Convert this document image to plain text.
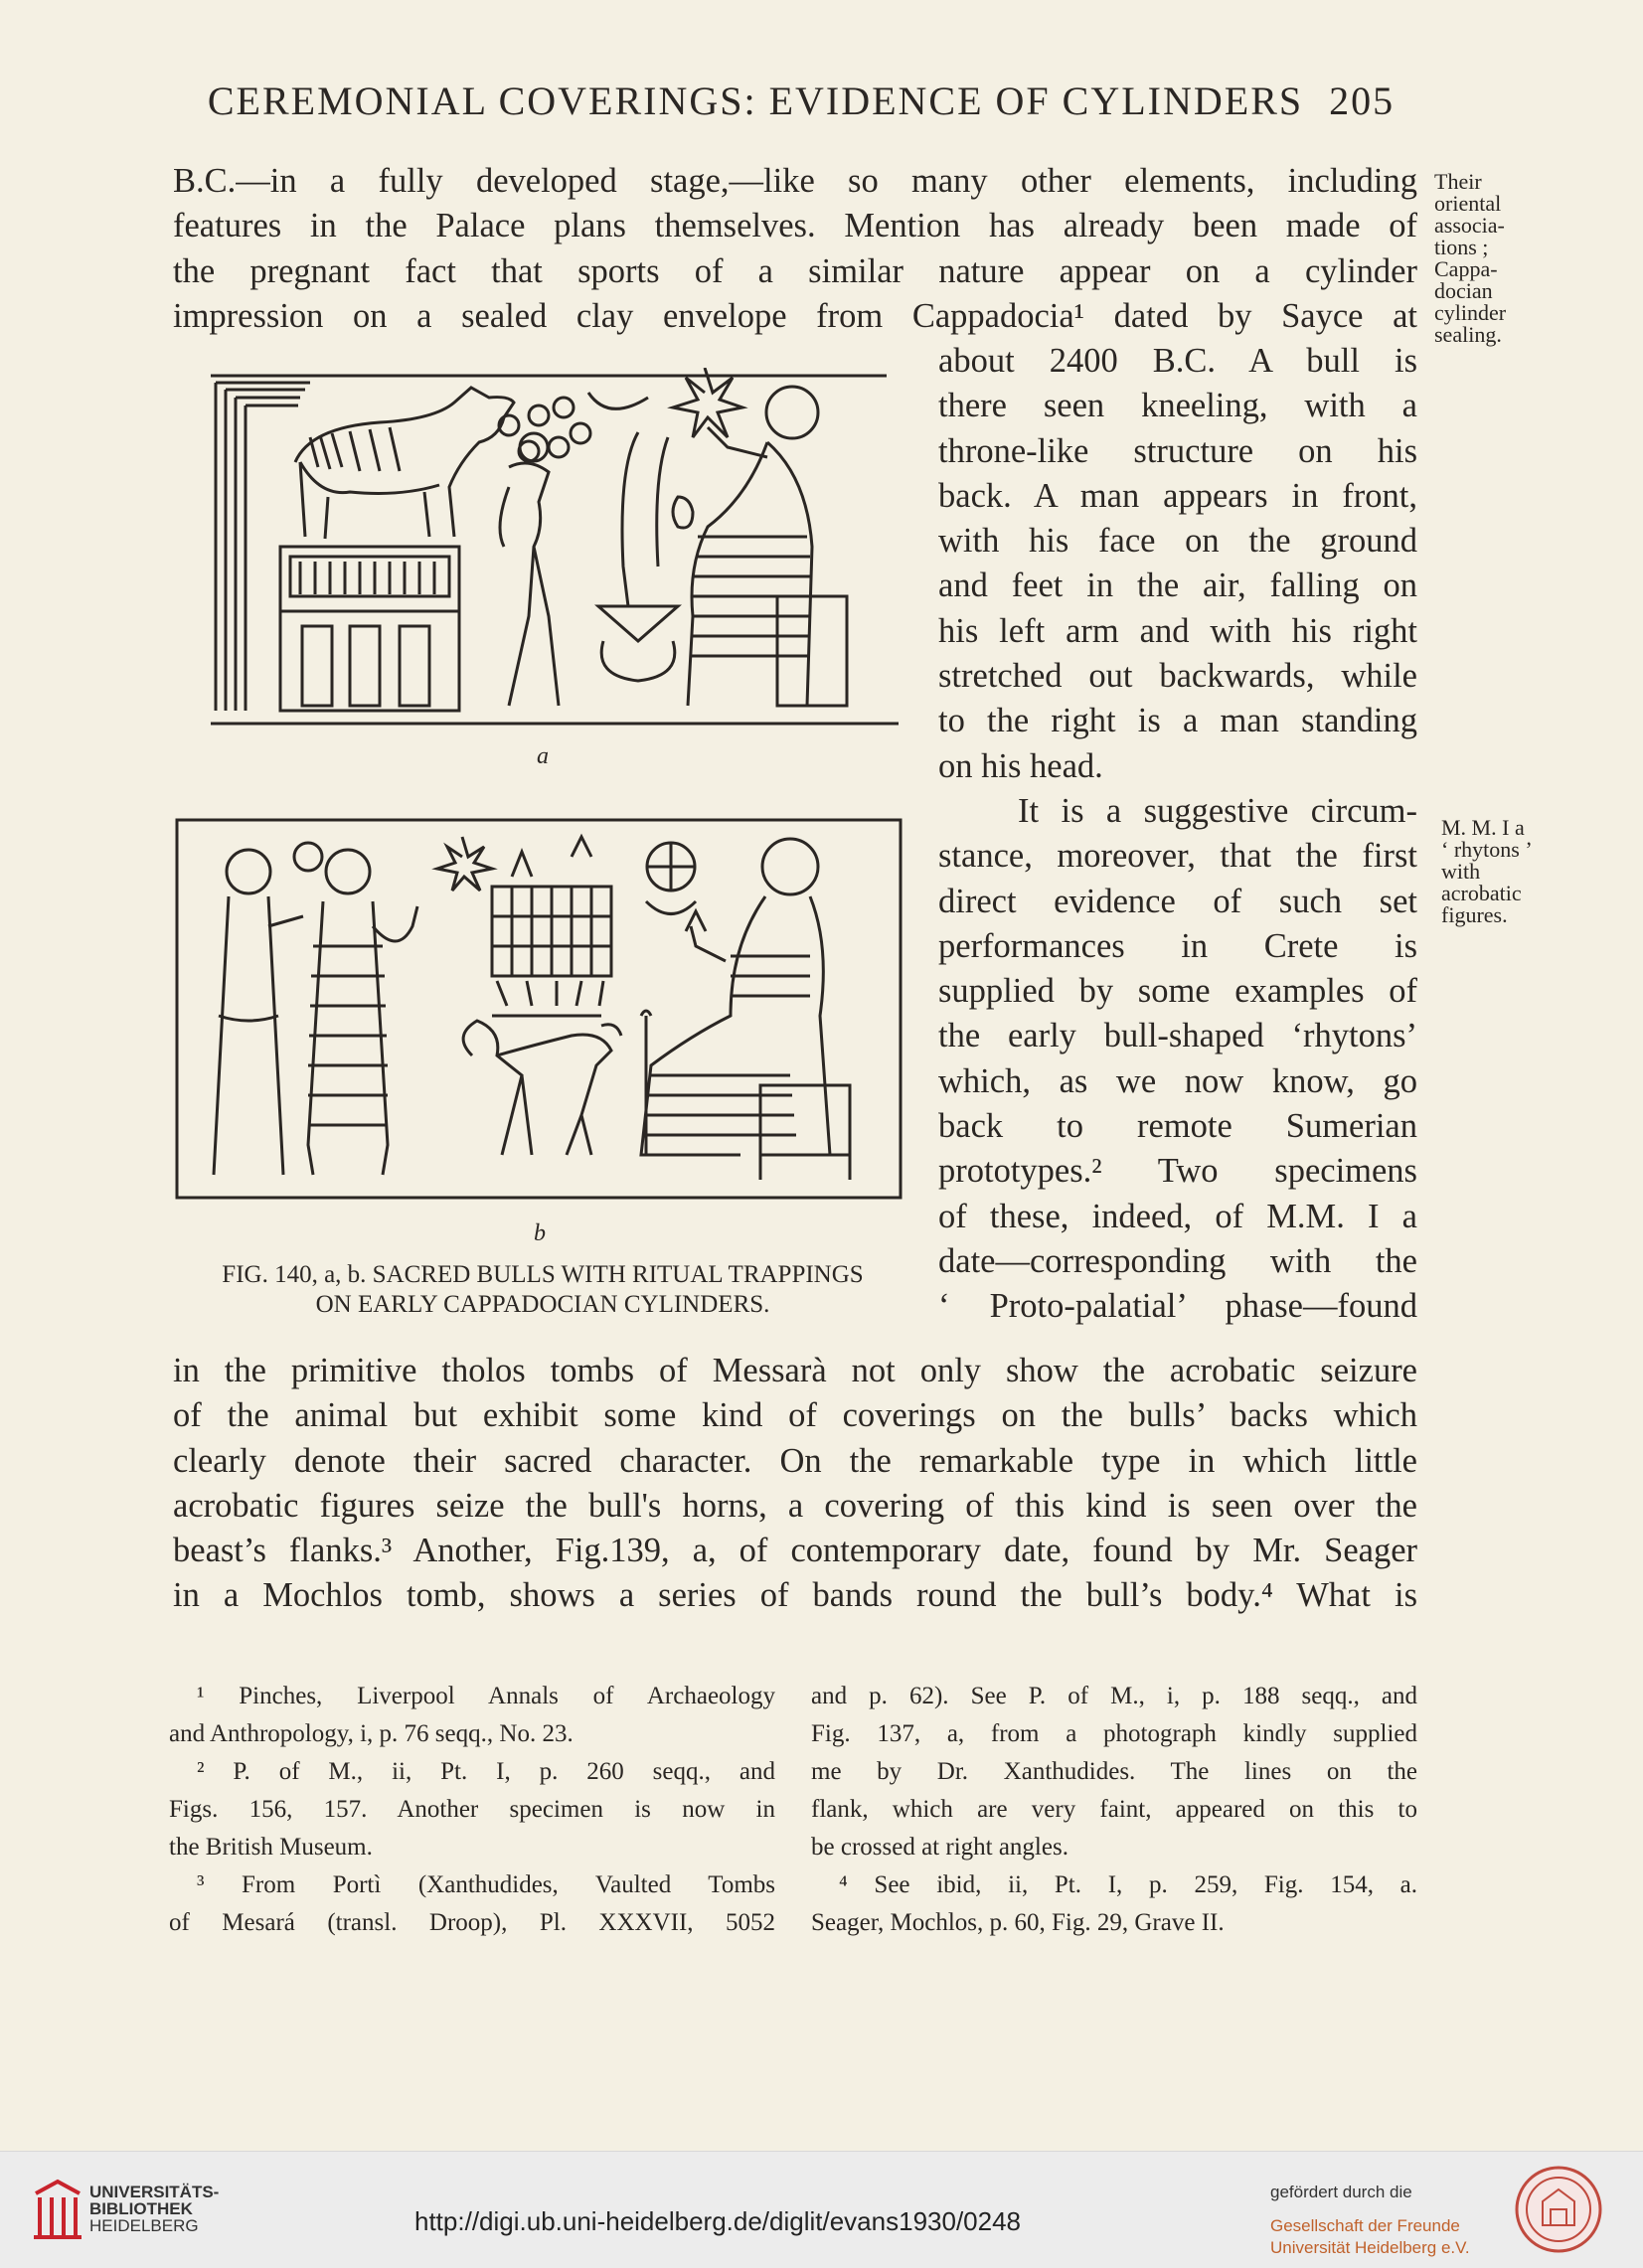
CEREMONIAL COVERINGS: EVIDENCE OF CYLINDERS 205
B.C.—in a fully developed stage,—like so many other elements, including
features in the Palace plans themselves. Mention has already been made of
the pregnant fact that sports of a similar nature appear on a cylinder
impression on a sealed clay envelope from Cappadocia¹ dated by Sayce at
about 2400 B.C. A bull is
there seen kneeling, with a
throne-like structure on his
back. A man appears in front,
with his face on the ground
and feet in the air, falling on
his left arm and with his right
stretched out backwards, while
to the right is a man standing
on his head.
It is a suggestive circum-
stance, moreover, that the first
direct evidence of such set
performances in Crete is
supplied by some examples of
the early bull-shaped ‘rhytons’
which, as we now know, go
back to remote Sumerian
prototypes.² Two specimens
of these, indeed, of M.M. I a
date—corresponding with the
‘ Proto-palatial’ phase—found
in the primitive tholos tombs of Messarà not only show the acrobatic seizure
of the animal but exhibit some kind of coverings on the bulls’ backs which
clearly denote their sacred character. On the remarkable type in which little
acrobatic figures seize the bull's horns, a covering of this kind is seen over the
beast’s flanks.³ Another, Fig.139, a, of contemporary date, found by Mr. Seager
in a Mochlos tomb, shows a series of bands round the bull’s body.⁴ What is
Their
oriental
associa-
tions ;
Cappa-
docian
cylinder
sealing.
M. M. I a
‘ rhytons ’
with
acrobatic
figures.
a
b
FIG. 140, a, b. SACRED BULLS WITH RITUAL TRAPPINGS
ON EARLY CAPPADOCIAN CYLINDERS.
¹ Pinches, Liverpool Annals of Archaeology
and Anthropology, i, p. 76 seqq., No. 23.
² P. of M., ii, Pt. I, p. 260 seqq., and
Figs. 156, 157. Another specimen is now in
the British Museum.
³ From Portì (Xanthudides, Vaulted Tombs
of Mesará (transl. Droop), Pl. XXXVII, 5052
and p. 62). See P. of M., i, p. 188 seqq., and
Fig. 137, a, from a photograph kindly supplied
me by Dr. Xanthudides. The lines on the
flank, which are very faint, appeared on this to
be crossed at right angles.
⁴ See ibid, ii, Pt. I, p. 259, Fig. 154, a.
Seager, Mochlos, p. 60, Fig. 29, Grave II.
UNIVERSITÄTS-
BIBLIOTHEK
HEIDELBERG	http://digi.ub.uni-heidelberg.de/diglit/evans1930/0248
gefördert durch die
Gesellschaft der Freunde
Universität Heidelberg e.V.
